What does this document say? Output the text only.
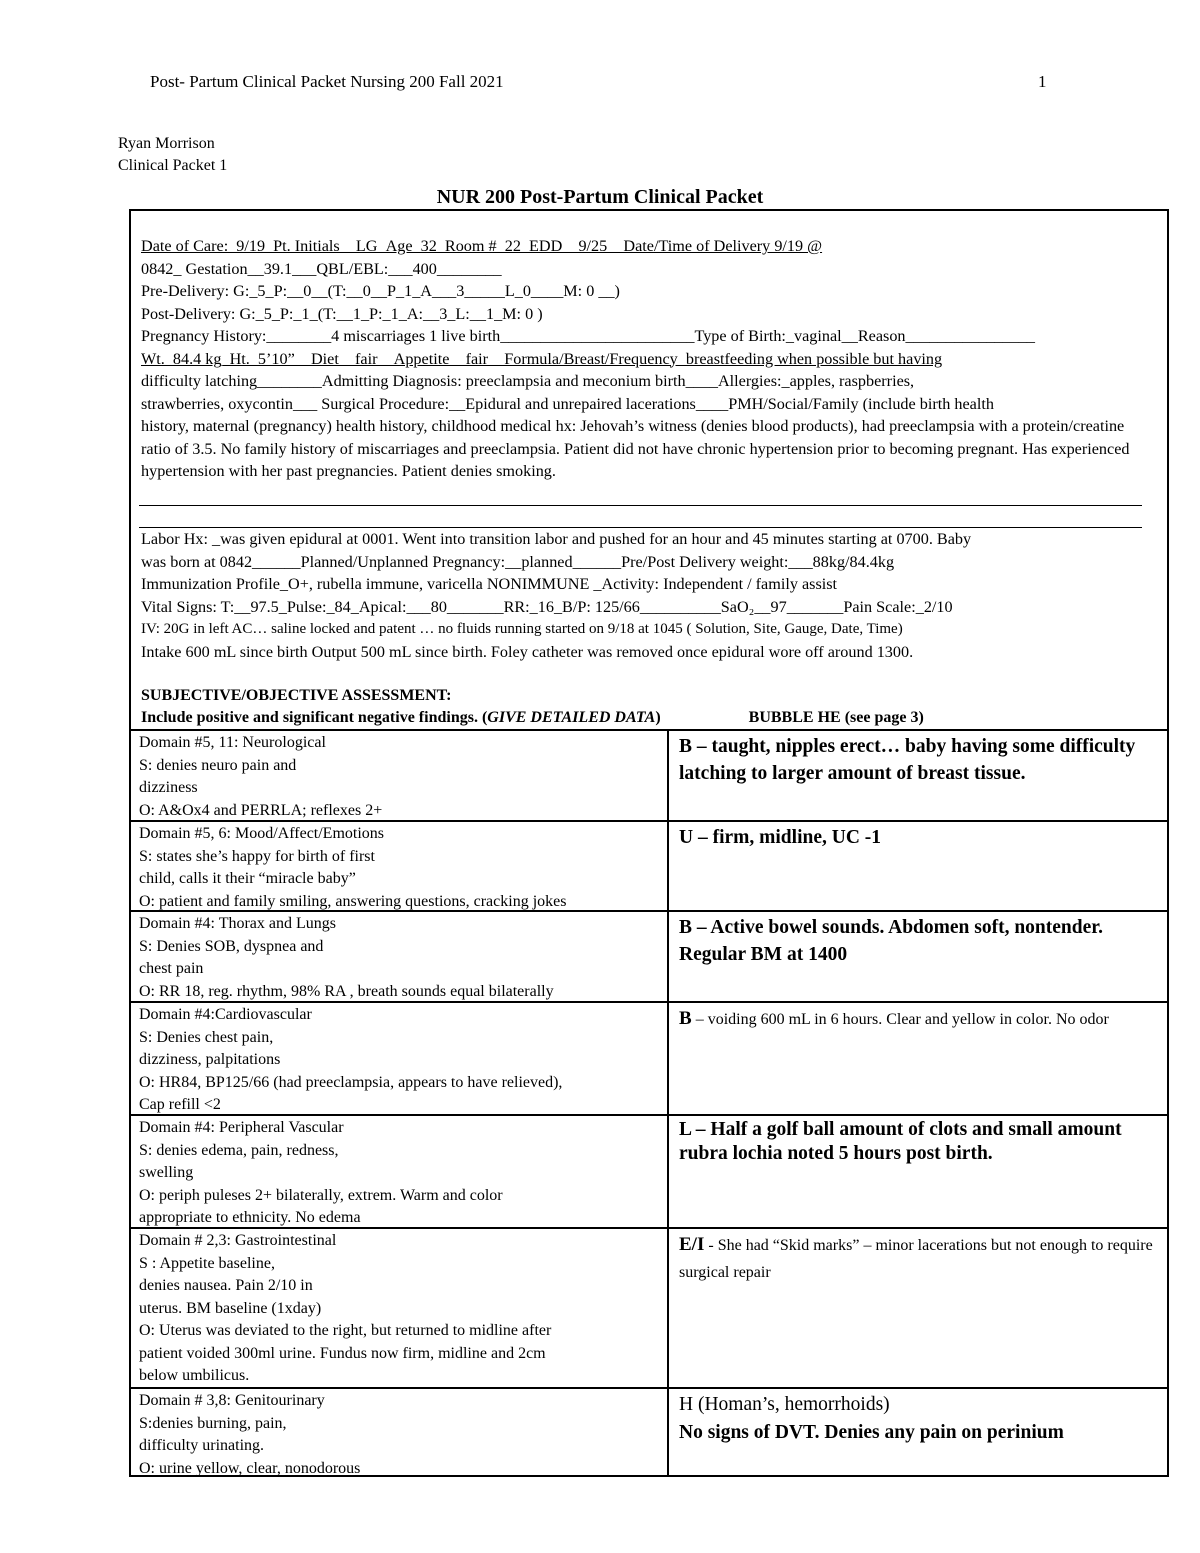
Post- Partum Clinical Packet Nursing 200 Fall 2021	1
Ryan Morrison
Clinical Packet 1
NUR 200 Post-Partum Clinical Packet
Date of Care:_9/19_Pt. Initials__LG_Age_32_Room #_22_EDD__9/25__Date/Time of Delivery 9/19 @
0842_ Gestation__39.1___QBL/EBL:___400________
Pre-Delivery: G:_5_P:__0__(T:__0__P_1_A___3_____L_0____M: 0 __)
Post-Delivery: G:_5_P:_1_(T:__1_P:_1_A:__3_L:__1_M: 0 )
Pregnancy History:________4 miscarriages 1 live birth________________________Type of Birth:_vaginal__Reason________________
Wt._84.4 kg_Ht._5’10”__Diet__fair__Appetite__fair__Formula/Breast/Frequency_breastfeeding when possible but having
difficulty latching________Admitting Diagnosis: preeclampsia and meconium birth____Allergies:_apples, raspberries,
strawberries, oxycontin___ Surgical Procedure:__Epidural and unrepaired lacerations____PMH/Social/Family (include birth health
history, maternal (pregnancy) health history, childhood medical hx: Jehovah’s witness (denies blood products), had preeclampsia with a protein/creatine ratio of 3.5. No family history of miscarriages and preeclampsia. Patient did not have chronic hypertension prior to becoming pregnant. Has experienced hypertension with her past pregnancies. Patient denies smoking.
Labor Hx: _was given epidural at 0001. Went into transition labor and pushed for an hour and 45 minutes starting at 0700. Baby
was born at 0842______Planned/Unplanned Pregnancy:__planned______Pre/Post Delivery weight:___88kg/84.4kg
Immunization Profile_O+, rubella immune, varicella NONIMMUNE _Activity: Independent / family assist
Vital Signs: T:__97.5_Pulse:_84_Apical:___80_______RR:_16_B/P: 125/66__________SaO₂__97_______Pain Scale:_2/10
IV: 20G in left AC… saline locked and patent … no fluids running started on 9/18 at 1045 ( Solution, Site, Gauge, Date, Time)
Intake 600 mL since birth Output 500 mL since birth. Foley catheter was removed once epidural wore off around 1300.
SUBJECTIVE/OBJECTIVE ASSESSMENT:
Include positive and significant negative findings. (GIVE DETAILED DATA)	BUBBLE HE (see page 3)
Domain #5, 11: Neurological
S: denies neuro pain and
dizziness
O: A&Ox4 and PERRLA; reflexes 2+
B – taught, nipples erect… baby having some difficulty latching to larger amount of breast tissue.
Domain #5, 6: Mood/Affect/Emotions
S: states she’s happy for birth of first
child, calls it their “miracle baby”
O: patient and family smiling, answering questions, cracking jokes
U – firm, midline, UC -1
Domain #4: Thorax and Lungs
S: Denies SOB, dyspnea and
chest pain
O: RR 18, reg. rhythm, 98% RA , breath sounds equal bilaterally
B – Active bowel sounds. Abdomen soft, nontender. Regular BM at 1400
Domain #4:Cardiovascular
S: Denies chest pain,
dizziness, palpitations
O: HR84, BP125/66 (had preeclampsia, appears to have relieved),
Cap refill <2
B – voiding 600 mL in 6 hours. Clear and yellow in color. No odor
Domain #4: Peripheral Vascular
S: denies edema, pain, redness,
swelling
O: periph puleses 2+ bilaterally, extrem. Warm and color
appropriate to ethnicity. No edema
L – Half a golf ball amount of clots and small amount rubra lochia noted 5 hours post birth.
Domain # 2,3: Gastrointestinal
S : Appetite baseline,
denies nausea. Pain 2/10 in
uterus. BM baseline (1xday)
O: Uterus was deviated to the right, but returned to midline after
patient voided 300ml urine. Fundus now firm, midline and 2cm
below umbilicus.
E/I - She had “Skid marks” – minor lacerations but not enough to require surgical repair
Domain # 3,8: Genitourinary
S:denies burning, pain,
difficulty urinating.
O: urine yellow, clear, nonodorous
H (Homan’s, hemorrhoids)
No signs of DVT. Denies any pain on perinium
